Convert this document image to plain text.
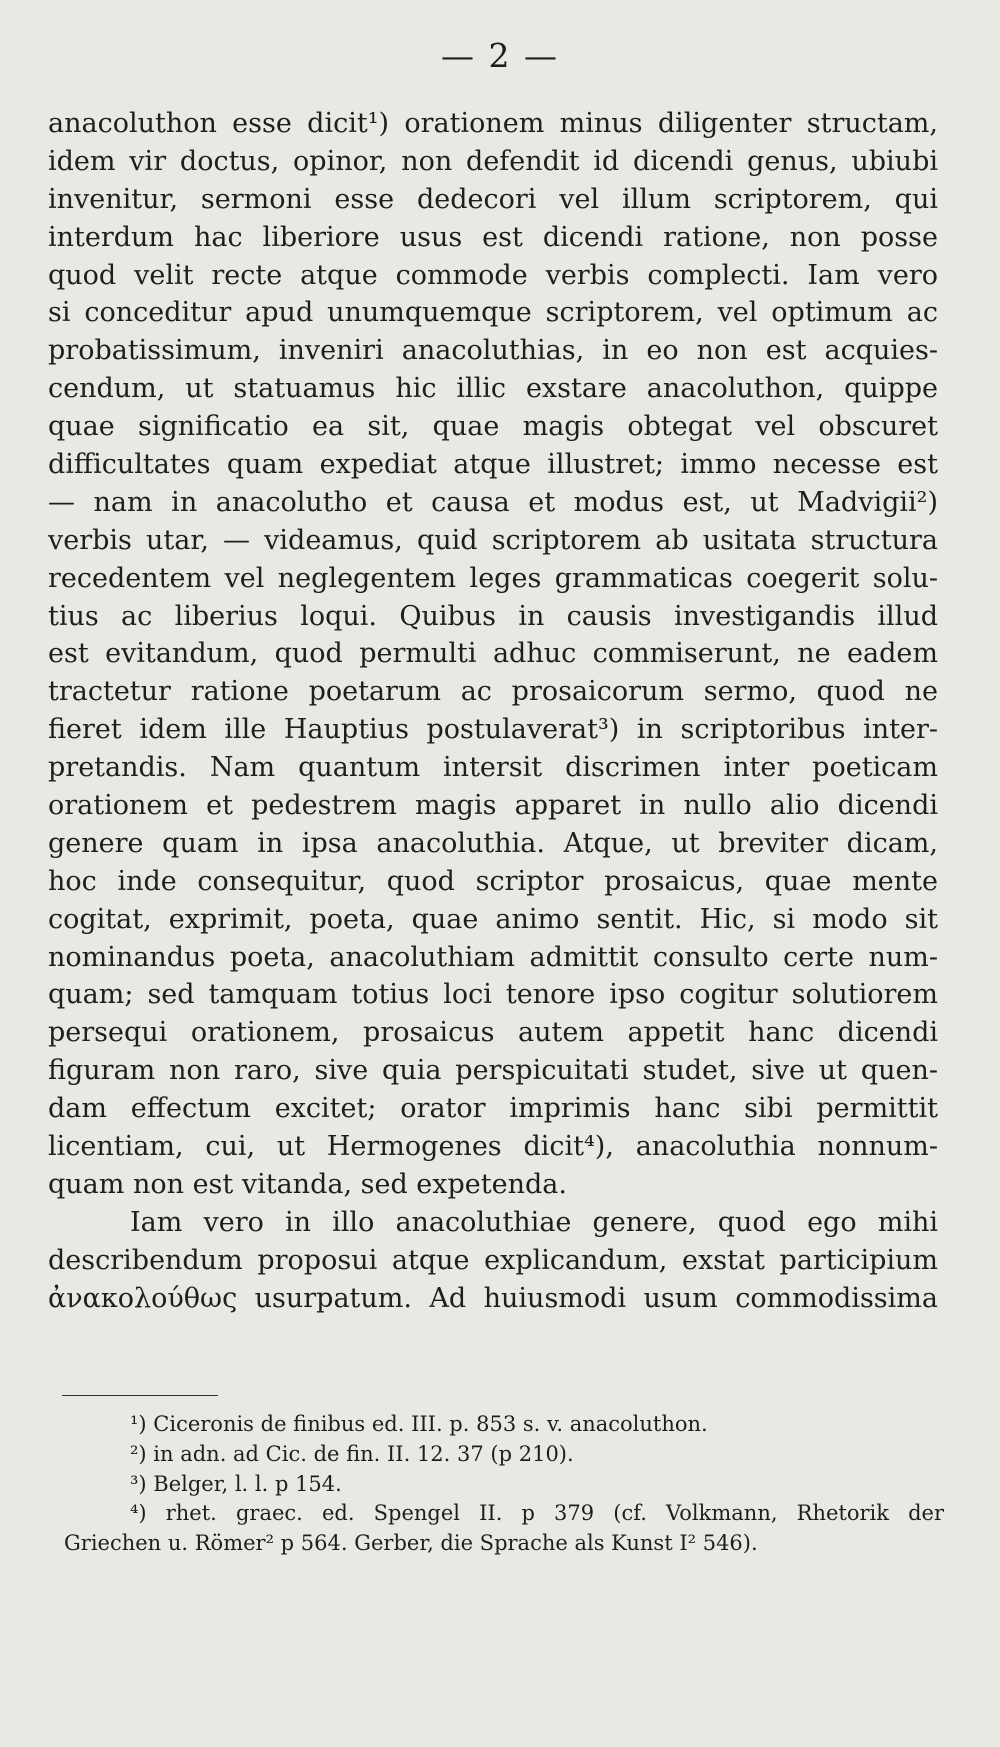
— 2 —
anacoluthon esse dicit¹) orationem minus diligenter structam,
idem vir doctus, opinor, non defendit id dicendi genus, ubiubi
invenitur, sermoni esse dedecori vel illum scriptorem, qui
interdum hac liberiore usus est dicendi ratione, non posse
quod velit recte atque commode verbis complecti. Iam vero
si conceditur apud unumquemque scriptorem, vel optimum ac
probatissimum, inveniri anacoluthias, in eo non est acquies-
cendum, ut statuamus hic illic exstare anacoluthon, quippe
quae significatio ea sit, quae magis obtegat vel obscuret
difficultates quam expediat atque illustret; immo necesse est
— nam in anacolutho et causa et modus est, ut Madvigii²)
verbis utar, — videamus, quid scriptorem ab usitata structura
recedentem vel neglegentem leges grammaticas coegerit solu-
tius ac liberius loqui. Quibus in causis investigandis illud
est evitandum, quod permulti adhuc commiserunt, ne eadem
tractetur ratione poetarum ac prosaicorum sermo, quod ne
fieret idem ille Hauptius postulaverat³) in scriptoribus inter-
pretandis. Nam quantum intersit discrimen inter poeticam
orationem et pedestrem magis apparet in nullo alio dicendi
genere quam in ipsa anacoluthia. Atque, ut breviter dicam,
hoc inde consequitur, quod scriptor prosaicus, quae mente
cogitat, exprimit, poeta, quae animo sentit. Hic, si modo sit
nominandus poeta, anacoluthiam admittit consulto certe num-
quam; sed tamquam totius loci tenore ipso cogitur solutiorem
persequi orationem, prosaicus autem appetit hanc dicendi
figuram non raro, sive quia perspicuitati studet, sive ut quen-
dam effectum excitet; orator imprimis hanc sibi permittit
licentiam, cui, ut Hermogenes dicit⁴), anacoluthia nonnum-
quam non est vitanda, sed expetenda.
Iam vero in illo anacoluthiae genere, quod ego mihi
describendum proposui atque explicandum, exstat participium
ἀνακολούθως usurpatum. Ad huiusmodi usum commodissima
¹) Ciceronis de finibus ed. III. p. 853 s. v. anacoluthon.
²) in adn. ad Cic. de fin. II. 12. 37 (p 210).
³) Belger, l. l. p 154.
⁴) rhet. graec. ed. Spengel II. p 379 (cf. Volkmann, Rhetorik der
Griechen u. Römer² p 564. Gerber, die Sprache als Kunst I² 546).
